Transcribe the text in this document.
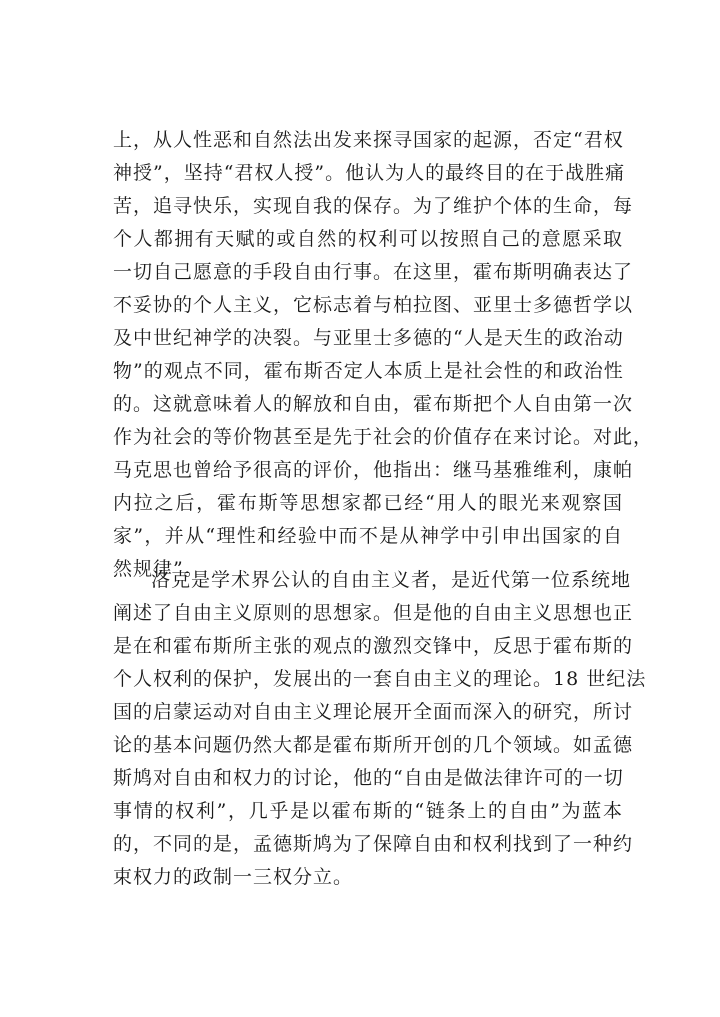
上，从人性恶和自然法出发来探寻国家的起源，否定“君权
神授”，坚持“君权人授”。他认为人的最终目的在于战胜痛
苦，追寻快乐，实现自我的保存。为了维护个体的生命，每
个人都拥有天赋的或自然的权利可以按照自己的意愿采取
一切自己愿意的手段自由行事。在这里，霍布斯明确表达了
不妥协的个人主义，它标志着与柏拉图、亚里士多德哲学以
及中世纪神学的决裂。与亚里士多德的“人是天生的政治动
物”的观点不同，霍布斯否定人本质上是社会性的和政治性
的。这就意味着人的解放和自由，霍布斯把个人自由第一次
作为社会的等价物甚至是先于社会的价值存在来讨论。对此，
马克思也曾给予很高的评价，他指出：继马基雅维利，康帕
内拉之后，霍布斯等思想家都已经“用人的眼光来观察国
家”，并从“理性和经验中而不是从神学中引申出国家的自
然规律”。
洛克是学术界公认的自由主义者，是近代第一位系统地
阐述了自由主义原则的思想家。但是他的自由主义思想也正
是在和霍布斯所主张的观点的激烈交锋中，反思于霍布斯的
个人权利的保护，发展出的一套自由主义的理论。18 世纪法
国的启蒙运动对自由主义理论展开全面而深入的研究，所讨
论的基本问题仍然大都是霍布斯所开创的几个领域。如孟德
斯鸠对自由和权力的讨论，他的“自由是做法律许可的一切
事情的权利”，几乎是以霍布斯的“链条上的自由”为蓝本
的，不同的是，孟德斯鸠为了保障自由和权利找到了一种约
束权力的政制一三权分立。
